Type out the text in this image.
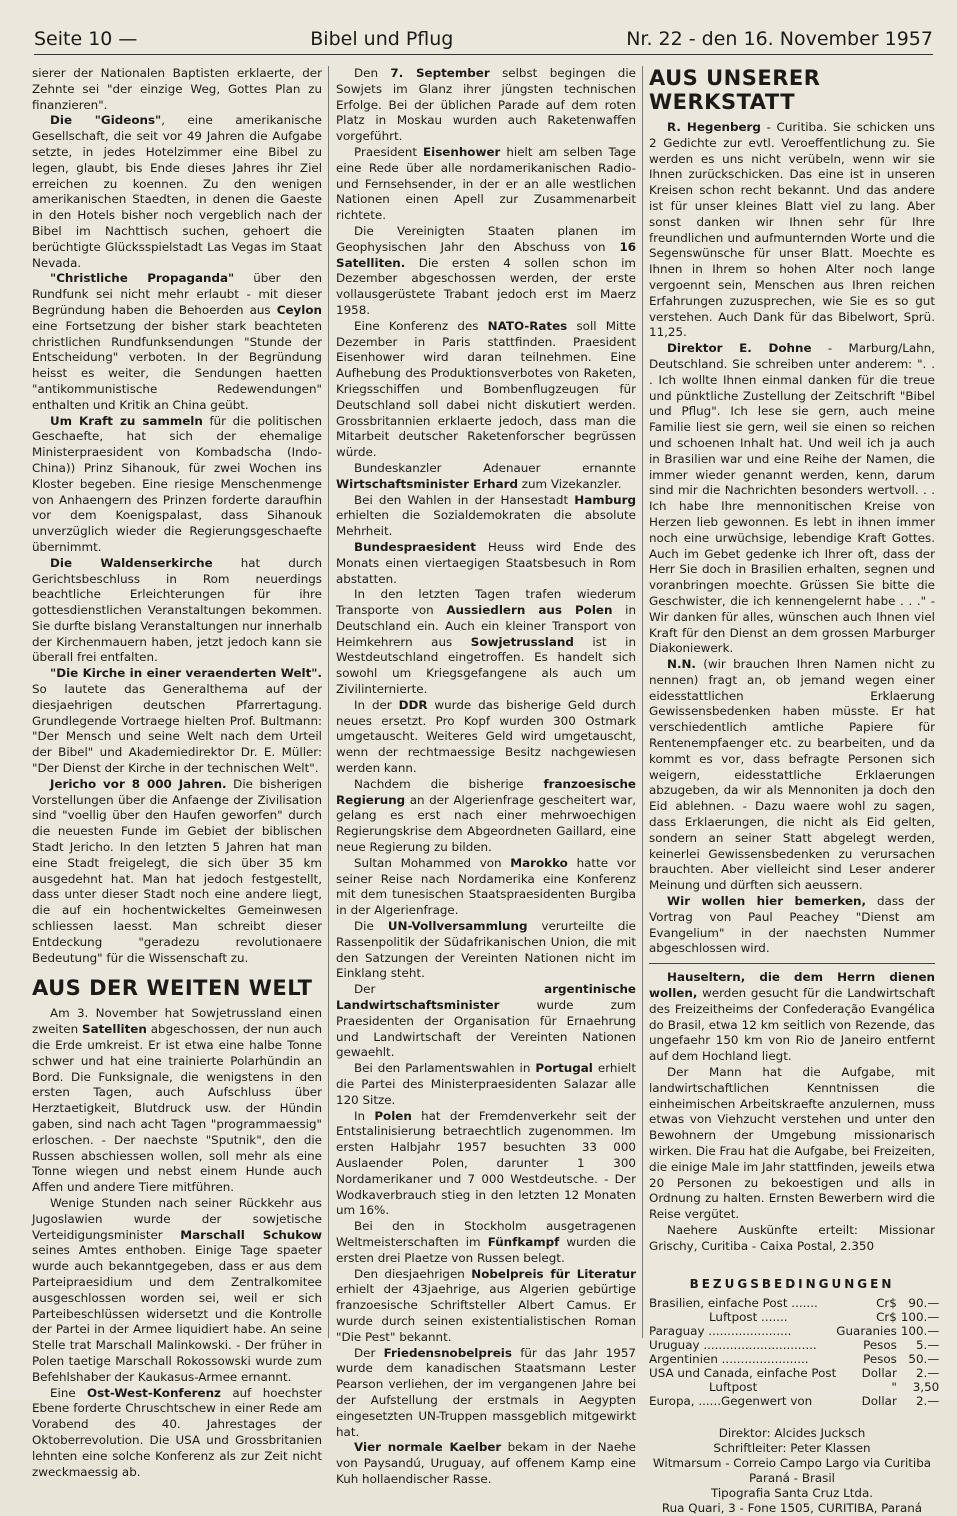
Seite 10 —	Bibel und Pflug	Nr. 22 - den 16. November 1957

sierer der Nationalen Baptisten erklaerte, der Zehnte sei "der einzige Weg, Gottes Plan zu finanzieren".

Die "Gideons", eine amerikanische Gesellschaft, die seit vor 49 Jahren die Aufgabe setzte, in jedes Hotelzimmer eine Bibel zu legen, glaubt, bis Ende dieses Jahres ihr Ziel erreichen zu koennen. Zu den wenigen amerikanischen Staedten, in denen die Gaeste in den Hotels bisher noch vergeblich nach der Bibel im Nachttisch suchen, gehoert die berüchtigte Glücksspielstadt Las Vegas im Staat Nevada.

"Christliche Propaganda" über den Rundfunk sei nicht mehr erlaubt - mit dieser Begründung haben die Behoerden aus Ceylon eine Fortsetzung der bisher stark beachteten christlichen Rundfunksendungen "Stunde der Entscheidung" verboten. In der Begründung heisst es weiter, die Sendungen haetten "antikommunistische Redewendungen" enthalten und Kritik an China geübt.

Um Kraft zu sammeln für die politischen Geschaefte, hat sich der ehemalige Ministerpraesident von Kombadscha (Indo-China)) Prinz Sihanouk, für zwei Wochen ins Kloster begeben. Eine riesige Menschenmenge von Anhaengern des Prinzen forderte daraufhin vor dem Koenigspalast, dass Sihanouk unverzüglich wieder die Regierungsgeschaefte übernimmt.

Die Waldenserkirche hat durch Gerichtsbeschluss in Rom neuerdings beachtliche Erleichterungen für ihre gottesdienstlichen Veranstaltungen bekommen. Sie durfte bislang Veranstaltungen nur innerhalb der Kirchenmauern haben, jetzt jedoch kann sie überall frei entfalten.

"Die Kirche in einer veraenderten Welt". So lautete das Generalthema auf der diesjaehrigen deutschen Pfarrertagung. Grundlegende Vortraege hielten Prof. Bultmann: "Der Mensch und seine Welt nach dem Urteil der Bibel" und Akademiedirektor Dr. E. Müller: "Der Dienst der Kirche in der technischen Welt".

Jericho vor 8 000 Jahren. Die bisherigen Vorstellungen über die Anfaenge der Zivilisation sind "voellig über den Haufen geworfen" durch die neuesten Funde im Gebiet der biblischen Stadt Jericho. In den letzten 5 Jahren hat man eine Stadt freigelegt, die sich über 35 km ausgedehnt hat. Man hat jedoch festgestellt, dass unter dieser Stadt noch eine andere liegt, die auf ein hochentwickeltes Gemeinwesen schliessen laesst. Man schreibt dieser Entdeckung "geradezu revolutionaere Bedeutung" für die Wissenschaft zu.

AUS DER WEITEN WELT

Am 3. November hat Sowjetrussland einen zweiten Satelliten abgeschossen, der nun auch die Erde umkreist. Er ist etwa eine halbe Tonne schwer und hat eine trainierte Polarhündin an Bord. Die Funksignale, die wenigstens in den ersten Tagen, auch Aufschluss über Herztaetigkeit, Blutdruck usw. der Hündin gaben, sind nach acht Tagen "programmaessig" erloschen. - Der naechste "Sputnik", den die Russen abschiessen wollen, soll mehr als eine Tonne wiegen und nebst einem Hunde auch Affen und andere Tiere mitführen.

Wenige Stunden nach seiner Rückkehr aus Jugoslawien wurde der sowjetische Verteidigungsminister Marschall Schukow seines Amtes enthoben. Einige Tage spaeter wurde auch bekanntgegeben, dass er aus dem Parteipraesidium und dem Zentralkomitee ausgeschlossen worden sei, weil er sich Parteibeschlüssen widersetzt und die Kontrolle der Partei in der Armee liquidiert habe. An seine Stelle trat Marschall Malinkowski. - Der früher in Polen taetige Marschall Rokossowski wurde zum Befehlshaber der Kaukasus-Armee ernannt.

Eine Ost-West-Konferenz auf hoechster Ebene forderte Chruschtschew in einer Rede am Vorabend des 40. Jahrestages der Oktoberrevolution. Die USA und Grossbritanien lehnten eine solche Konferenz als zur Zeit nicht zweckmaessig ab.

Den 7. September selbst begingen die Sowjets im Glanz ihrer jüngsten technischen Erfolge. Bei der üblichen Parade auf dem roten Platz in Moskau wurden auch Raketenwaffen vorgeführt.

Praesident Eisenhower hielt am selben Tage eine Rede über alle nordamerikanischen Radio- und Fernsehsender, in der er an alle westlichen Nationen einen Apell zur Zusammenarbeit richtete.

Die Vereinigten Staaten planen im Geophysischen Jahr den Abschuss von 16 Satelliten. Die ersten 4 sollen schon im Dezember abgeschossen werden, der erste vollausgerüstete Trabant jedoch erst im Maerz 1958.

Eine Konferenz des NATO-Rates soll Mitte Dezember in Paris stattfinden. Praesident Eisenhower wird daran teilnehmen. Eine Aufhebung des Produktionsverbotes von Raketen, Kriegsschiffen und Bombenflugzeugen für Deutschland soll dabei nicht diskutiert werden. Grossbritannien erklaerte jedoch, dass man die Mitarbeit deutscher Raketenforscher begrüssen würde.

Bundeskanzler Adenauer ernannte Wirtschaftsminister Erhard zum Vizekanzler.

Bei den Wahlen in der Hansestadt Hamburg erhielten die Sozialdemokraten die absolute Mehrheit.

Bundespraesident Heuss wird Ende des Monats einen viertaegigen Staatsbesuch in Rom abstatten.

In den letzten Tagen trafen wiederum Transporte von Aussiedlern aus Polen in Deutschland ein. Auch ein kleiner Transport von Heimkehrern aus Sowjetrussland ist in Westdeutschland eingetroffen. Es handelt sich sowohl um Kriegsgefangene als auch um Zivilinternierte.

In der DDR wurde das bisherige Geld durch neues ersetzt. Pro Kopf wurden 300 Ostmark umgetauscht. Weiteres Geld wird umgetauscht, wenn der rechtmaessige Besitz nachgewiesen werden kann.

Nachdem die bisherige franzoesische Regierung an der Algerienfrage gescheitert war, gelang es erst nach einer mehrwoechigen Regierungskrise dem Abgeordneten Gaillard, eine neue Regierung zu bilden.

Sultan Mohammed von Marokko hatte vor seiner Reise nach Nordamerika eine Konferenz mit dem tunesischen Staatspraesidenten Burgiba in der Algerienfrage.

Die UN-Vollversammlung verurteilte die Rassenpolitik der Südafrikanischen Union, die mit den Satzungen der Vereinten Nationen nicht im Einklang steht.

Der argentinische Landwirtschaftsminister wurde zum Praesidenten der Organisation für Ernaehrung und Landwirtschaft der Vereinten Nationen gewaehlt.

Bei den Parlamentswahlen in Portugal erhielt die Partei des Ministerpraesidenten Salazar alle 120 Sitze.

In Polen hat der Fremdenverkehr seit der Entstalinisierung betraechtlich zugenommen. Im ersten Halbjahr 1957 besuchten 33 000 Auslaender Polen, darunter 1 300 Nordamerikaner und 7 000 Westdeutsche. - Der Wodkaverbrauch stieg in den letzten 12 Monaten um 16%.

Bei den in Stockholm ausgetragenen Weltmeisterschaften im Fünfkampf wurden die ersten drei Plaetze von Russen belegt.

Den diesjaehrigen Nobelpreis für Literatur erhielt der 43jaehrige, aus Algerien gebürtige franzoesische Schriftsteller Albert Camus. Er wurde durch seinen existentialistischen Roman "Die Pest" bekannt.

Der Friedensnobelpreis für das Jahr 1957 wurde dem kanadischen Staatsmann Lester Pearson verliehen, der im vergangenen Jahre bei der Aufstellung der erstmals in Aegypten eingesetzten UN-Truppen massgeblich mitgewirkt hat.

Vier normale Kaelber bekam in der Naehe von Paysandú, Uruguay, auf offenem Kamp eine Kuh hollaendischer Rasse.

AUS UNSERER WERKSTATT

R. Hegenberg - Curitiba. Sie schicken uns 2 Gedichte zur evtl. Veroeffentlichung zu. Sie werden es uns nicht verübeln, wenn wir sie Ihnen zurückschicken. Das eine ist in unseren Kreisen schon recht bekannt. Und das andere ist für unser kleines Blatt viel zu lang. Aber sonst danken wir Ihnen sehr für Ihre freundlichen und aufmunternden Worte und die Segenswünsche für unser Blatt. Moechte es Ihnen in Ihrem so hohen Alter noch lange vergoennt sein, Menschen aus Ihren reichen Erfahrungen zuzusprechen, wie Sie es so gut verstehen. Auch Dank für das Bibelwort, Sprü. 11,25.

Direktor E. Dohne - Marburg/Lahn, Deutschland. Sie schreiben unter anderem: ". . . Ich wollte Ihnen einmal danken für die treue und pünktliche Zustellung der Zeitschrift "Bibel und Pflug". Ich lese sie gern, auch meine Familie liest sie gern, weil sie einen so reichen und schoenen Inhalt hat. Und weil ich ja auch in Brasilien war und eine Reihe der Namen, die immer wieder genannt werden, kenn, darum sind mir die Nachrichten besonders wertvoll. . . Ich habe Ihre mennonitischen Kreise von Herzen lieb gewonnen. Es lebt in ihnen immer noch eine urwüchsige, lebendige Kraft Gottes. Auch im Gebet gedenke ich Ihrer oft, dass der Herr Sie doch in Brasilien erhalten, segnen und voranbringen moechte. Grüssen Sie bitte die Geschwister, die ich kennengelernt habe . . ." - Wir danken für alles, wünschen auch Ihnen viel Kraft für den Dienst an dem grossen Marburger Diakoniewerk.

N.N. (wir brauchen Ihren Namen nicht zu nennen) fragt an, ob jemand wegen einer eidesstattlichen Erklaerung Gewissensbedenken haben müsste. Er hat verschiedentlich amtliche Papiere für Rentenempfaenger etc. zu bearbeiten, und da kommt es vor, dass befragte Personen sich weigern, eidesstattliche Erklaerungen abzugeben, da wir als Mennoniten ja doch den Eid ablehnen. - Dazu waere wohl zu sagen, dass Erklaerungen, die nicht als Eid gelten, sondern an seiner Statt abgelegt werden, keinerlei Gewissensbedenken zu verursachen brauchten. Aber vielleicht sind Leser anderer Meinung und dürften sich aeussern.

Wir wollen hier bemerken, dass der Vortrag von Paul Peachey "Dienst am Evangelium" in der naechsten Nummer abgeschlossen wird.

Hauseltern, die dem Herrn dienen wollen, werden gesucht für die Landwirtschaft des Freizeitheims der Confederação Evangélica do Brasil, etwa 12 km seitlich von Rezende, das ungefaehr 150 km von Rio de Janeiro entfernt auf dem Hochland liegt.

Der Mann hat die Aufgabe, mit landwirtschaftlichen Kenntnissen die einheimischen Arbeitskraefte anzulernen, muss etwas von Viehzucht verstehen und unter den Bewohnern der Umgebung missionarisch wirken. Die Frau hat die Aufgabe, bei Freizeiten, die einige Male im Jahr stattfinden, jeweils etwa 20 Personen zu bekoestigen und alls in Ordnung zu halten. Ernsten Bewerbern wird die Reise vergütet.

Naehere Auskünfte erteilt: Missionar Grischy, Curitiba - Caixa Postal, 2.350

BEZUGSBEDINGUNGEN
Brasilien, einfache Post .......	Cr$	90.—
Luftpost .......	Cr$	100.—
Paraguay ......................	Guaranies	100.—
Uruguay ..............................	Pesos	5.—
Argentinien .......................	Pesos	50.—
USA und Canada, einfache Post	Dollar	2.—
Luftpost	"	3,50
Europa, ......Gegenwert von	Dollar	2.—
Direktor: Alcides Jucksch
Schriftleiter: Peter Klassen
Witmarsum - Correio Campo Largo via Curitiba
Paraná - Brasil
Tipografia Santa Cruz Ltda.
Rua Quari, 3 - Fone 1505, CURITIBA, Paraná
